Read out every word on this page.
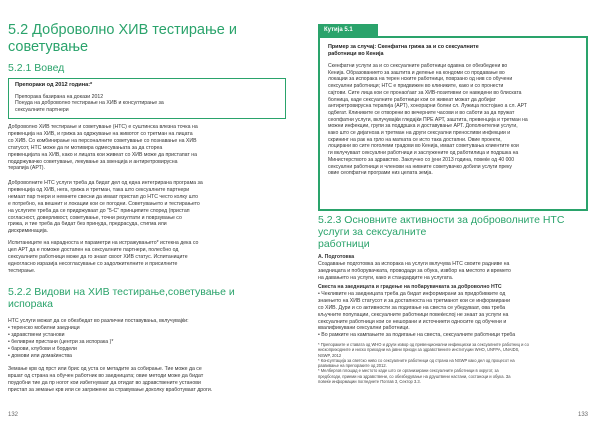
5.2 Доброволно ХИВ тестирање и
советување
5.2.1 Вовед
Препораки од 2012 година:*
Препорака базирана на докази 2012
Понуда на доброволно тестирање на ХИВ и консултирање за
сексуалните партнери
Доброволно ХИВ тестирање и советување (НТС) е суштинска влезна точка на
превенција на ХИВ, и грижа за одржување на животот со третман на лицата
со ХИВ. Со комбинирање на персоналните советување со познавање на ХИВ
статусот, НТС може да ги мотивира одмесувањата за да стореа
превенцијата на ХИВ, како и лицата кои живеат со ХИВ може да пристапат на
поддржувачко советување, лекување за ѕвенција и антиретровирусна
терапија (АРТ).
Доброволните НТС услуги треба да бидат дел од една интегрирана програма за
превенција од ХИВ, нега, грижа и третман, така што сексуалните партнери
немаат пар тнери и немнете свесни да имаат пристап до НТС често колку што
е потребно, на вешнит и локации кои се погодни. Советувањето и тестирањето
на услугите треба да се придржуваат до "5-С" принципите според (пристап
согласност, доверливост, советување, точни резултати и поврзување со
грижа, и тие треба да бидат без принуда, предрасуда, стигма или
дискриминација.
Испитаниците на нарадноста и параметри на истражувањето* истекна дека со
цел АРТ да е поможе достапен на сексуалните партнери, полесбно од
сексуалните работници може да го знаат своот ХИВ статус. Испитаниците
едногласно изразија несогласување со задолжителните и присилните
тестирање.
5.2.2 Видови на ХИВ тестирање,советување и
испорака
НТС услуги можат да се обезбедат во различни поставувања, вклучувајќи:
• теренско мобилни заедници
• здравствени установи
• беливрни пристани (центри за испорака )*
• барови, клубови и бордели
• домови или домаќинства
Земање крв од прст или брис од уста се метадите за собирање. Тие може да се
вршат од страна на обучен работник во заедницата; овие методи може да бидат
поудобни тие да пр ногот кои избегнуваат да отидат во здравствените установи
пристап за земање крв или се загрижени за стравување доколку вработуваат дроги.
132
Кутија 5.1
Пример за случај: Скенфатна грижа за и со сексуалните
работници во Кенија
Скенфатни услуги за и со сексуалните работници одавна се обезбедени во
Кенија. Образованието за заштита и делење на кондоми со продавање во
локации за испорака на терен нските работници, поврзано од нив со обучени
сексуални работници; НТС е придвижен во клиниките, како и со пронести
сајтови. Сите лица кои се пронаоѓаат за ХИВ-позитивни се наведени во блиската
болница, каде сексуалните работници кои се живеат можат да добијат
антиретровирусна терапија (АРТ), хонорарни болни сл. Лужица постојано а сл. АРТ
одбегат. Клиниките се отворени во вечерните часови и во саботи за да пружат
сеопфатни услуги, вклучувајќи гледајќи ПРЕ АРТ, заштита, превенција и третман на
можни инфекции, групи за поддршка и доставување АРТ. Дополнителни услуги,
како што се дијагноза и третман на други сексуални преносливи инфекции и
скрининг на рак на грло на матката се исто така достапни. Овие проекти,
лоцирани во сите поголеми градови во Кенија, имаат советувања клиентите кои
ги вклучуваат сексуални работници и заслужените од работилица и подршка на
Министерството за здравство. Заклучно со јуни 2013 година, повеќе од 40 000
сексуални работници и членови на нивните советувачко добили услуги преку
овие сеопфатни програми низ целата земја.
5.2.3 Основните активности за доброволните НТС
услуги за сексуалните
работници
А. Подготовка
Создавање подготовка за испорака на услуги вклучува НТС своите радниве на
заедницата и поборувачката, проводади за обука, извбор на местото и времето
на давањето на услуги, како и стандардите на услугата.
Свеста на заедницата и градење на побарувачката за доброволно НТС
• Чекливите на заедницата треба да бидат информирани за придобивките од
знаењето на ХИВ статусот и за достапноста на третманот кои се информирани
со ХИВ. Дури и со активности за подигање на свеста се убедуваат, ова треба
кључните популации, сексуалните работници повеќеслој не знаат за услуги на
сексуалните работници кои се нешорани и источниети односите од обучени и
квалификувани сексуални работници.
• Во рамките на кампањите за подигање на свеста, сексуалните работници треба
* Препораките и ставата од WHO и други извор од превенционални инфекциски за сексуалните работниц и со
нископриходните и ниско приходни на јавни приоди за здравствените институции WHO, UNFPA, UNAIDS,
NSWP, 2012
* Консултација за светско ниво со сексуалните работници од страна на NSWP како дел од процесот на
развивање на препораките од 2012.
* Мелбергов площад е местото каде што се организирани сексуалните работници в округот, за
предбогоди, приеми на здравствени, со обезбедување на друштвени настани, состаноци и обука. За
повеќе информации погледнете Поглав 3, Сектор 3.3.
133
